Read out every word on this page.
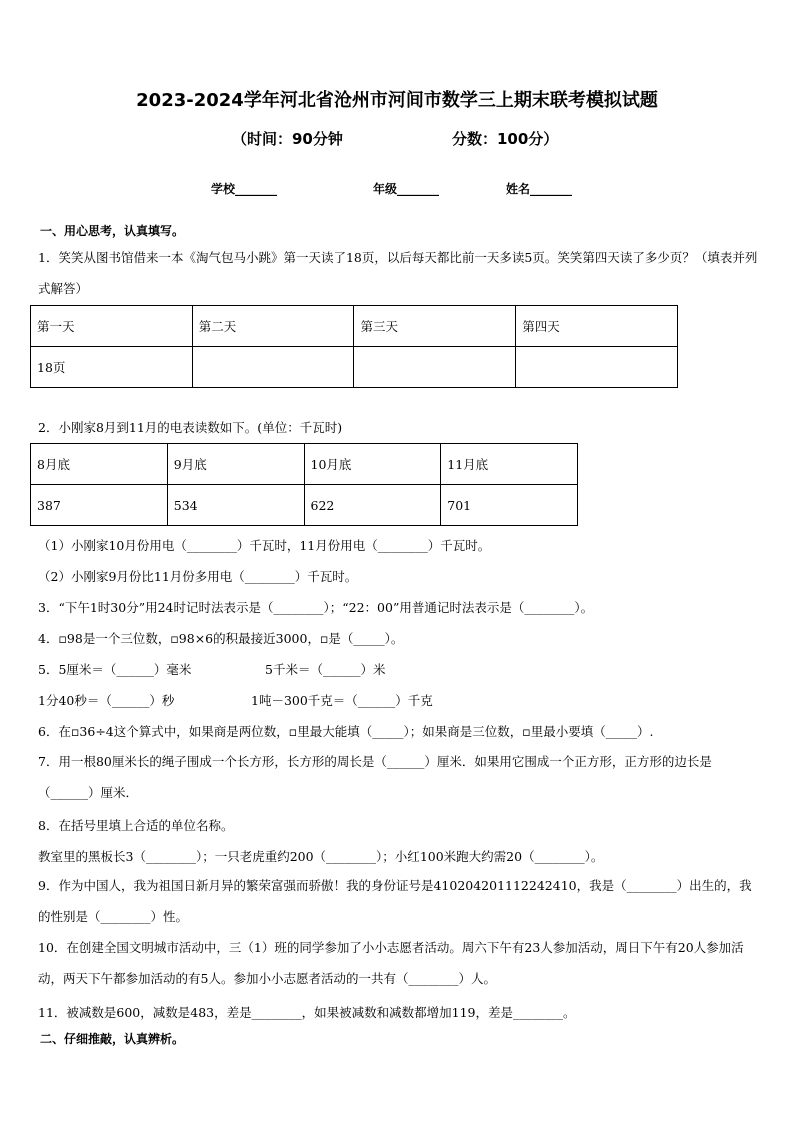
2023-2024学年河北省沧州市河间市数学三上期末联考模拟试题
（时间：90分钟	分数：100分）
学校_______	年级_______	姓名_______
一、用心思考，认真填写。
1．笑笑从图书馆借来一本《淘气包马小跳》第一天读了18页，以后每天都比前一天多读5页。笑笑第四天读了多少页？（填表并列式解答）
第一天	第二天	第三天	第四天
18页			
2．小刚家8月到11月的电表读数如下。(单位：千瓦时)
8月底	9月底	10月底	11月底
387	534	622	701
（1）小刚家10月份用电（________）千瓦时，11月份用电（________）千瓦时。
（2）小刚家9月份比11月份多用电（________）千瓦时。
3．“下午1时30分”用24时记时法表示是（________）；“22：00”用普通记时法表示是（________）。
4．▫98是一个三位数，▫98×6的积最接近3000，▫是（_____）。
5．5厘米＝（______）毫米	5千米＝（______）米
1分40秒＝（______）秒	1吨－300千克＝（______）千克
6．在▫36÷4这个算式中，如果商是两位数，▫里最大能填（_____）；如果商是三位数，▫里最小要填（_____）.
7．用一根80厘米长的绳子围成一个长方形，长方形的周长是（______）厘米．如果用它围成一个正方形，正方形的边长是（______）厘米．
8．在括号里填上合适的单位名称。
教室里的黑板长3（________）；一只老虎重约200（________）；小红100米跑大约需20（________）。
9．作为中国人，我为祖国日新月异的繁荣富强而骄傲！我的身份证号是410204201112242410，我是（________）出生的，我的性别是（________）性。
10．在创建全国文明城市活动中，三（1）班的同学参加了小小志愿者活动。周六下午有23人参加活动，周日下午有20人参加活动，两天下午都参加活动的有5人。参加小小志愿者活动的一共有（________）人。
11．被减数是600，减数是483，差是________，如果被减数和减数都增加119，差是________。
二、仔细推敲，认真辨析。
